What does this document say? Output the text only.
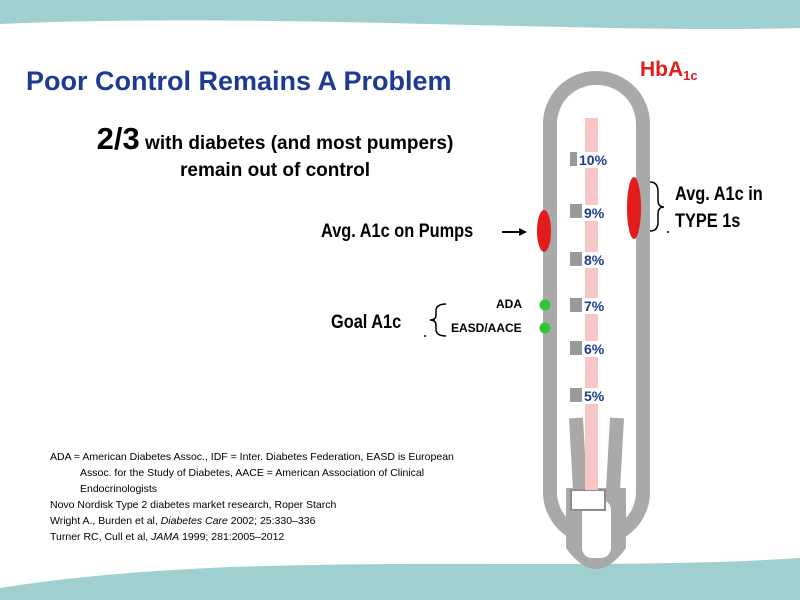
Poor Control Remains A Problem
2/3 with diabetes (and most pumpers)
remain out of control
HbA$_{1c}$
10%
9%
8%
7%
6%
5%
Avg. A1c on Pumps
Avg. A1c in
TYPE 1s
Goal A1c
ADA
EASD/AACE
ADA = American Diabetes Assoc., IDF = Inter. Diabetes Federation, EASD is European
Assoc. for the Study of Diabetes, AACE = American Association of Clinical
Endocrinologists
Novo Nordisk Type 2 diabetes market research, Roper Starch
Wright A., Burden et al, Diabetes Care 2002; 25:330–336
Turner RC, Cull et al, JAMA 1999; 281:2005–2012
